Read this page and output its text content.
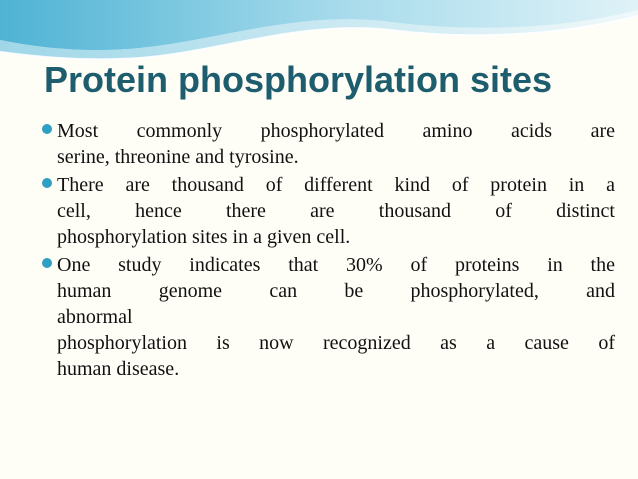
Protein phosphorylation sites
Most commonly phosphorylated amino acids are
serine, threonine and tyrosine.
There are thousand of different kind of protein in a
cell, hence there are thousand of distinct
phosphorylation sites in a given cell.
One study indicates that 30% of proteins in the
human genome can be phosphorylated, and
abnormal
phosphorylation is now recognized as a cause of
human disease.
